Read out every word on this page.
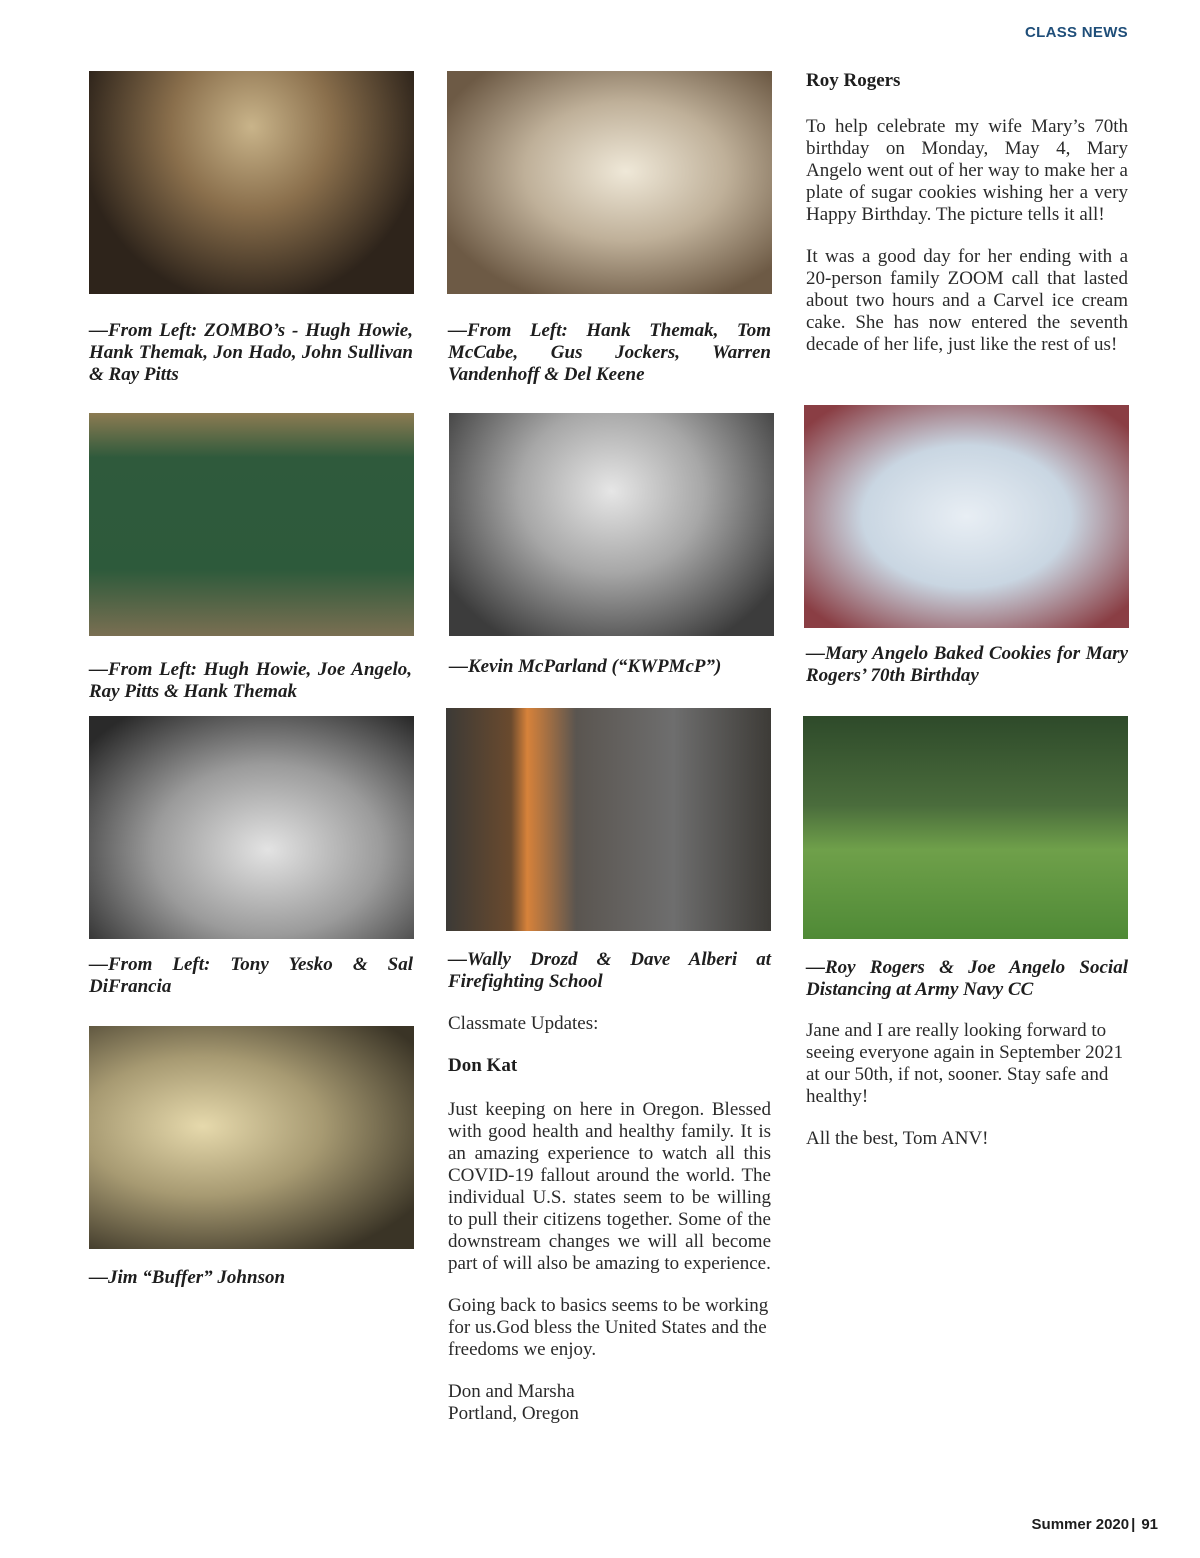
CLASS NEWS
—From Left: ZOMBO’s - Hugh Howie, Hank Themak, Jon Hado, John Sullivan & Ray Pitts
—From Left: Hank Themak, Tom McCabe, Gus Jockers, Warren Vandenhoff & Del Keene

Roy Rogers

To help celebrate my wife Mary’s 70th birthday on Monday, May 4, Mary Angelo went out of her way to make her a plate of sugar cookies wishing her a very Happy Birthday. The picture tells it all!

It was a good day for her ending with a 20-person family ZOOM call that lasted about two hours and a Carvel ice cream cake. She has now entered the seventh decade of her life, just like the rest of us!

—From Left: Hugh Howie, Joe Angelo, Ray Pitts & Hank Themak
—Kevin McParland (“KWPMcP”)
—Mary Angelo Baked Cookies for Mary Rogers’ 70th Birthday
—From Left: Tony Yesko & Sal DiFrancia
—Wally Drozd & Dave Alberi at Firefighting School
—Roy Rogers & Joe Angelo Social Distancing at Army Navy CC
—Jim “Buffer” Johnson

Classmate Updates:

Don Kat

Just keeping on here in Oregon. Blessed with good health and healthy family. It is an amazing experience to watch all this COVID-19 fallout around the world. The individual U.S. states seem to be willing to pull their citizens together. Some of the downstream changes we will all become part of will also be amazing to experience.

Going back to basics seems to be working for us.God bless the United States and the freedoms we enjoy.

Don and Marsha

Portland, Oregon

Jane and I are really looking forward to seeing everyone again in September 2021 at our 50th, if not, sooner. Stay safe and healthy!

All the best, Tom ANV!

Summer 2020 | 91
